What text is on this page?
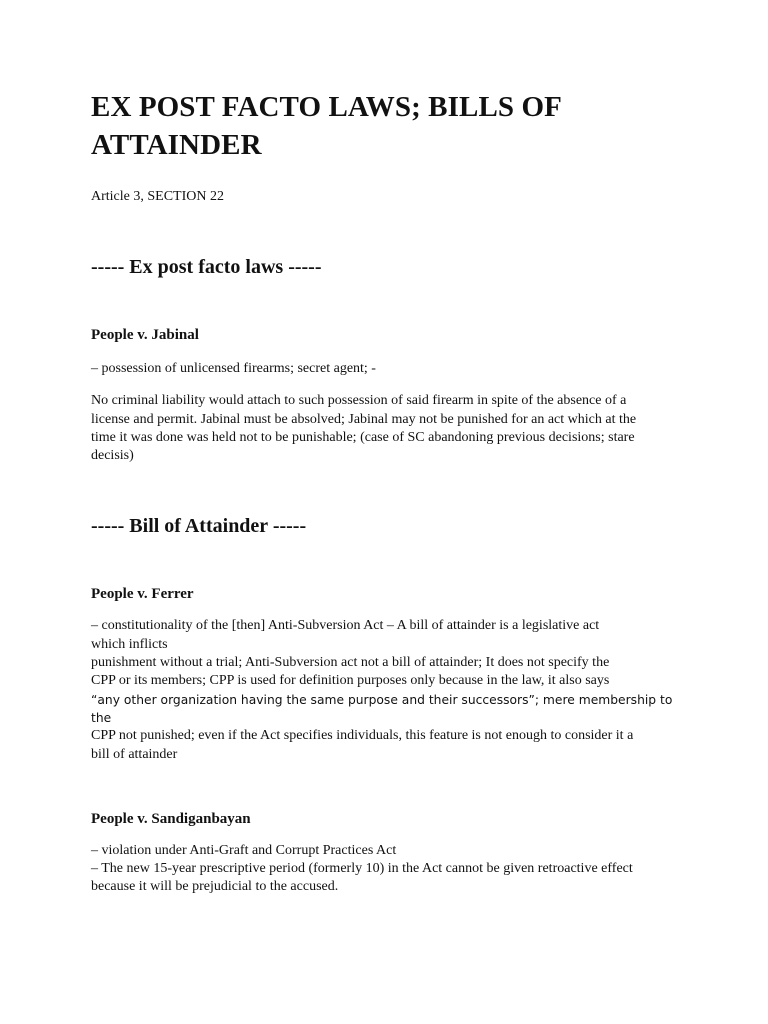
EX POST FACTO LAWS; BILLS OF
ATTAINDER

Article 3, SECTION 22

----- Ex post facto laws -----
People v. Jabinal

– possession of unlicensed firearms; secret agent; -

No criminal liability would attach to such possession of said firearm in spite of the absence of a
license and permit. Jabinal must be absolved; Jabinal may not be punished for an act which at the
time it was done was held not to be punishable; (case of SC abandoning previous decisions; stare
decisis)

----- Bill of Attainder -----
People v. Ferrer

– constitutionality of the [then] Anti-Subversion Act – A bill of attainder is a legislative act
which inflicts
punishment without a trial; Anti-Subversion act not a bill of attainder; It does not specify the
CPP or its members; CPP is used for definition purposes only because in the law, it also says
“any other organization having the same purpose and their successors”; mere membership to the
CPP not punished; even if the Act specifies individuals, this feature is not enough to consider it a
bill of attainder

People v. Sandiganbayan

– violation under Anti-Graft and Corrupt Practices Act
– The new 15-year prescriptive period (formerly 10) in the Act cannot be given retroactive effect
because it will be prejudicial to the accused.
